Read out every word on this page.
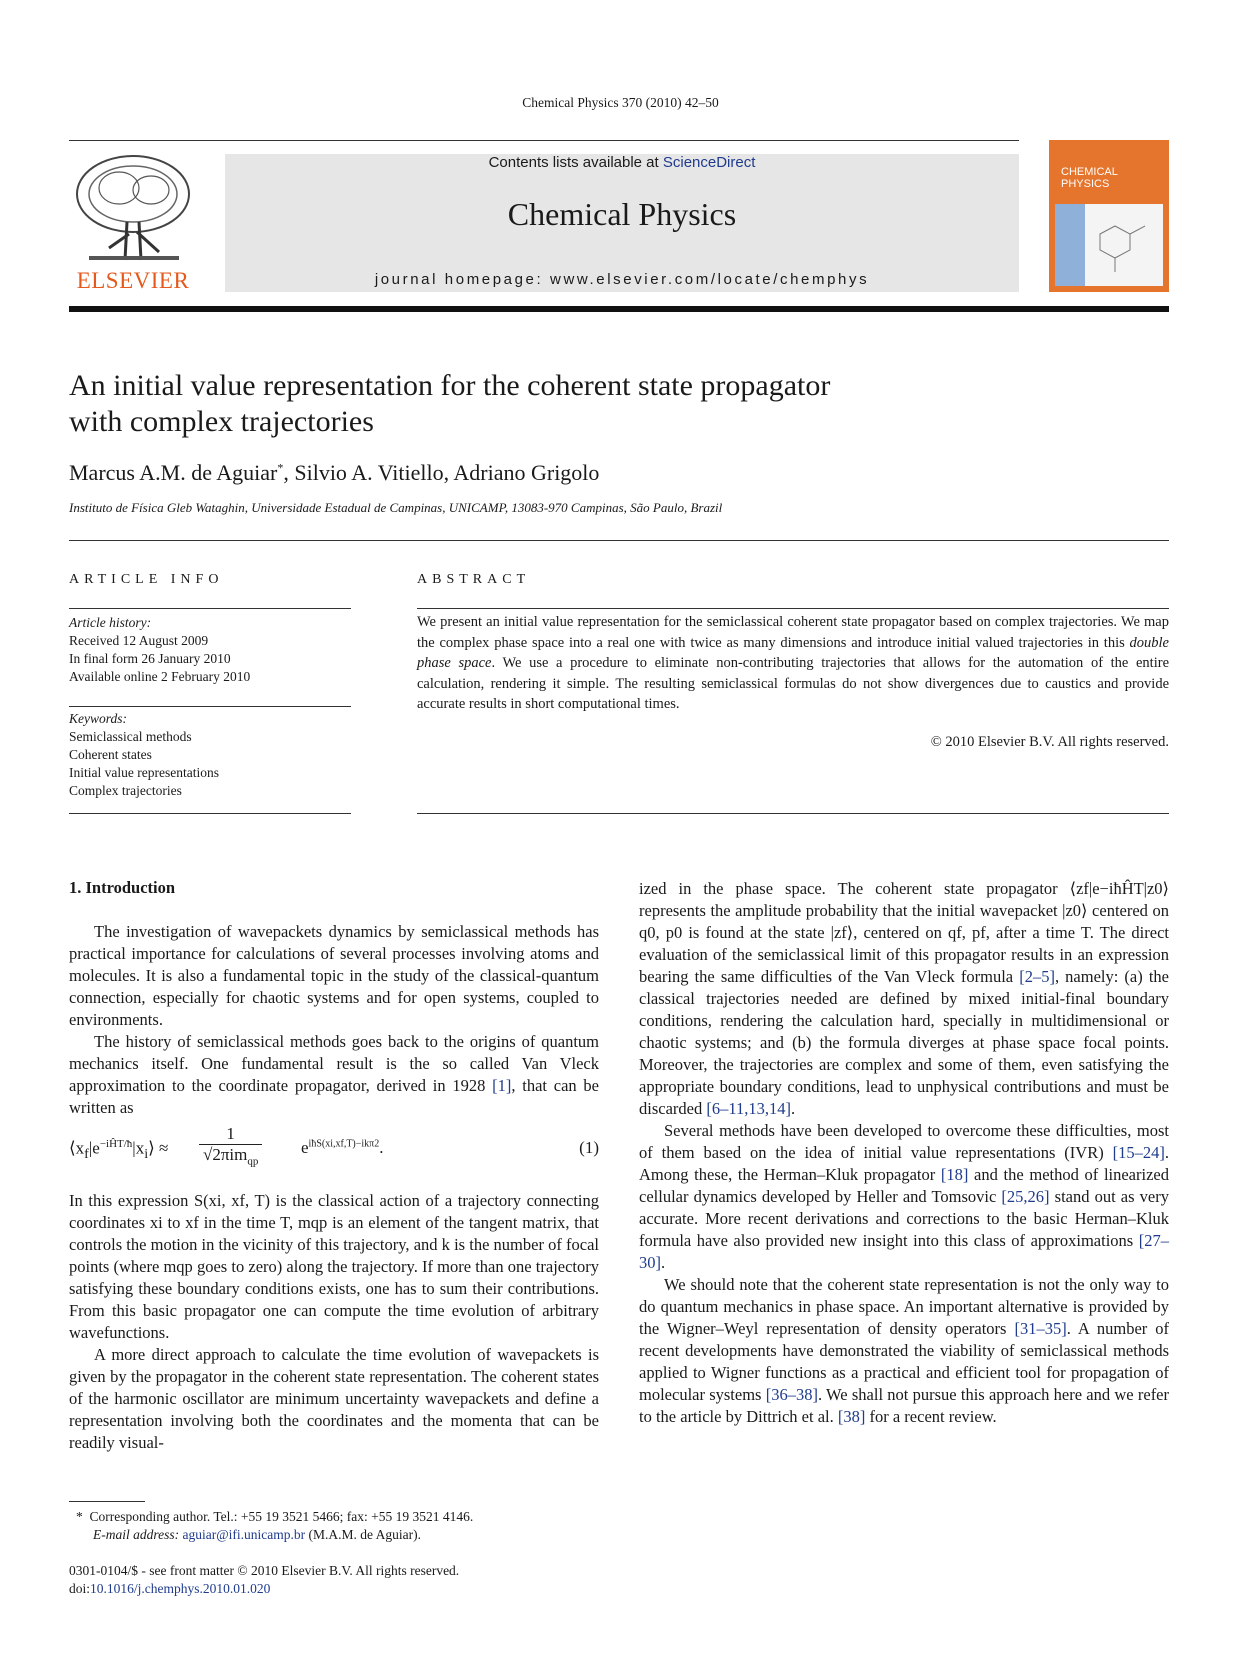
Chemical Physics 370 (2010) 42–50
ELSEVIER
Contents lists available at ScienceDirect
Chemical Physics
journal homepage: www.elsevier.com/locate/chemphys
CHEMICAL
PHYSICS
An initial value representation for the coherent state propagator
with complex trajectories
Marcus A.M. de Aguiar*, Silvio A. Vitiello, Adriano Grigolo
Instituto de Física Gleb Wataghin, Universidade Estadual de Campinas, UNICAMP, 13083-970 Campinas, São Paulo, Brazil
ARTICLE INFO
Article history:
Received 12 August 2009
In final form 26 January 2010
Available online 2 February 2010
Keywords:
Semiclassical methods
Coherent states
Initial value representations
Complex trajectories
ABSTRACT
We present an initial value representation for the semiclassical coherent state propagator based on complex trajectories. We map the complex phase space into a real one with twice as many dimensions and introduce initial valued trajectories in this double phase space. We use a procedure to eliminate non-contributing trajectories that allows for the automation of the entire calculation, rendering it simple. The resulting semiclassical formulas do not show divergences due to caustics and provide accurate results in short computational times.
© 2010 Elsevier B.V. All rights reserved.
1. Introduction

The investigation of wavepackets dynamics by semiclassical methods has practical importance for calculations of several processes involving atoms and molecules. It is also a fundamental topic in the study of the classical-quantum connection, especially for chaotic systems and for open systems, coupled to environments.

The history of semiclassical methods goes back to the origins of quantum mechanics itself. One fundamental result is the so called Van Vleck approximation to the coordinate propagator, derived in 1928 [1], that can be written as

$⟨x_f|e^{-iĤT/ħ}|x_i⟩$ ≈
1
√2πim$_{qp}$
$e^{iħS(xi,xf,T)-ik\pi 2}$.	(1)

In this expression S(xi, xf, T) is the classical action of a trajectory connecting coordinates xi to xf in the time T, mqp is an element of the tangent matrix, that controls the motion in the vicinity of this trajectory, and k is the number of focal points (where mqp goes to zero) along the trajectory. If more than one trajectory satisfying these boundary conditions exists, one has to sum their contributions. From this basic propagator one can compute the time evolution of arbitrary wavefunctions.

A more direct approach to calculate the time evolution of wavepackets is given by the propagator in the coherent state representation. The coherent states of the harmonic oscillator are minimum uncertainty wavepackets and define a representation involving both the coordinates and the momenta that can be readily visual-

ized in the phase space. The coherent state propagator ⟨zf|e−iħĤT|z0⟩ represents the amplitude probability that the initial wavepacket |z0⟩ centered on q0, p0 is found at the state |zf⟩, centered on qf, pf, after a time T. The direct evaluation of the semiclassical limit of this propagator results in an expression bearing the same difficulties of the Van Vleck formula [2–5], namely: (a) the classical trajectories needed are defined by mixed initial-final boundary conditions, rendering the calculation hard, specially in multidimensional or chaotic systems; and (b) the formula diverges at phase space focal points. Moreover, the trajectories are complex and some of them, even satisfying the appropriate boundary conditions, lead to unphysical contributions and must be discarded [6–11,13,14].

Several methods have been developed to overcome these difficulties, most of them based on the idea of initial value representations (IVR) [15–24]. Among these, the Herman–Kluk propagator [18] and the method of linearized cellular dynamics developed by Heller and Tomsovic [25,26] stand out as very accurate. More recent derivations and corrections to the basic Herman–Kluk formula have also provided new insight into this class of approximations [27–30].

We should note that the coherent state representation is not the only way to do quantum mechanics in phase space. An important alternative is provided by the Wigner–Weyl representation of density operators [31–35]. A number of recent developments have demonstrated the viability of semiclassical methods applied to Wigner functions as a practical and efficient tool for propagation of molecular systems [36–38]. We shall not pursue this approach here and we refer to the article by Dittrich et al. [38] for a recent review.

* Corresponding author. Tel.: +55 19 3521 5466; fax: +55 19 3521 4146.
E-mail address: aguiar@ifi.unicamp.br (M.A.M. de Aguiar).
0301-0104/$ - see front matter © 2010 Elsevier B.V. All rights reserved.
doi:10.1016/j.chemphys.2010.01.020
